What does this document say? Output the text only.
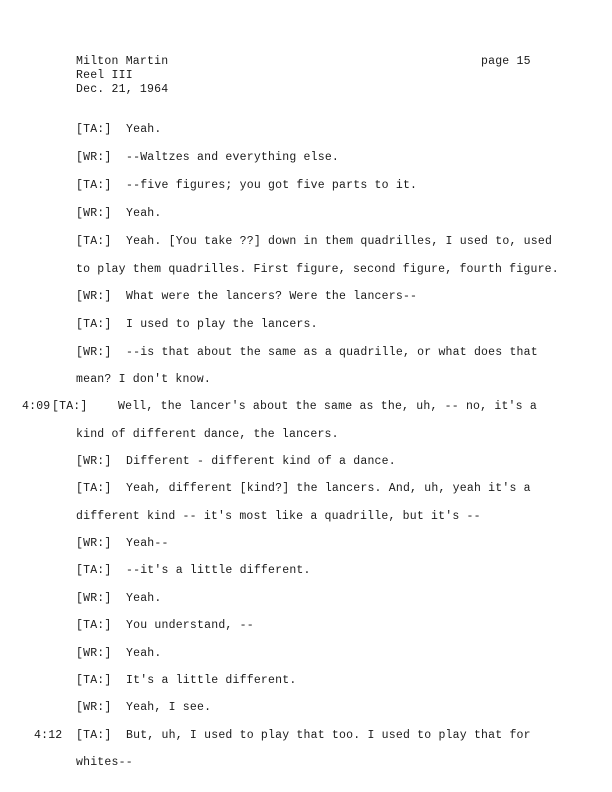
Milton Martin
Reel III
Dec. 21, 1964
page 15
[TA:] Yeah.
[WR:] --Waltzes and everything else.
[TA:] --five figures; you got five parts to it.
[WR:] Yeah.
[TA:] Yeah. [You take ??] down in them quadrilles, I used to, used
to play them quadrilles. First figure, second figure, fourth figure.
[WR:] What were the lancers? Were the lancers--
[TA:] I used to play the lancers.
[WR:] --is that about the same as a quadrille, or what does that
mean? I don't know.
4:09 [TA:]	Well, the lancer's about the same as the, uh, -- no, it's a
kind of different dance, the lancers.
[WR:] Different - different kind of a dance.
[TA:] Yeah, different [kind?] the lancers. And, uh, yeah it's a
different kind -- it's most like a quadrille, but it's --
[WR:] Yeah--
[TA:] --it's a little different.
[WR:] Yeah.
[TA:] You understand, --
[WR:] Yeah.
[TA:] It's a little different.
[WR:] Yeah, I see.
4:12 [TA:] But, uh, I used to play that too. I used to play that for
whites--
